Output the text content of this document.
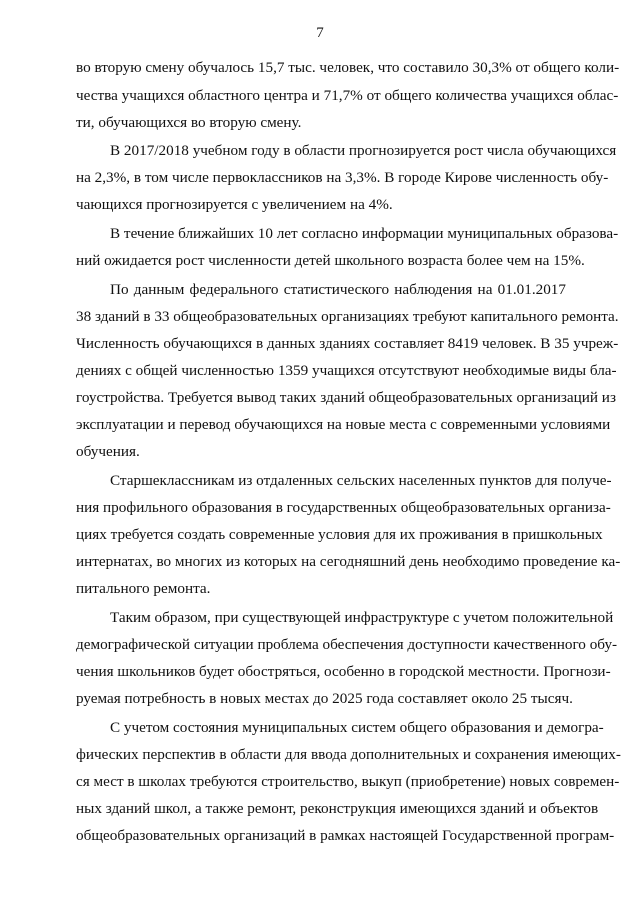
7
во вторую смену обучалось 15,7 тыс. человек, что составило 30,3% от общего коли-
чества учащихся областного центра и 71,7% от общего количества учащихся облас-
ти, обучающихся во вторую смену.
В 2017/2018 учебном году в области прогнозируется рост числа обучающихся
на 2,3%, в том числе первоклассников на 3,3%. В городе Кирове численность обу-
чающихся прогнозируется с увеличением на 4%.
В течение ближайших 10 лет согласно информации муниципальных образова-
ний ожидается рост численности детей школьного возраста более чем на 15%.
По данным федерального статистического наблюдения на 01.01.2017
38 зданий в 33 общеобразовательных организациях требуют капитального ремонта.
Численность обучающихся в данных зданиях составляет 8419 человек. В 35 учреж-
дениях с общей численностью 1359 учащихся отсутствуют необходимые виды бла-
гоустройства. Требуется вывод таких зданий общеобразовательных организаций из
эксплуатации и перевод обучающихся на новые места с современными условиями
обучения.
Старшеклассникам из отдаленных сельских населенных пунктов для получе-
ния профильного образования в государственных общеобразовательных организа-
циях требуется создать современные условия для их проживания в пришкольных
интернатах, во многих из которых на сегодняшний день необходимо проведение ка-
питального ремонта.
Таким образом, при существующей инфраструктуре с учетом положительной
демографической ситуации проблема обеспечения доступности качественного обу-
чения школьников будет обостряться, особенно в городской местности. Прогнози-
руемая потребность в новых местах до 2025 года составляет около 25 тысяч.
С учетом состояния муниципальных систем общего образования и демогра-
фических перспектив в области для ввода дополнительных и сохранения имеющих-
ся мест в школах требуются строительство, выкуп (приобретение) новых современ-
ных зданий школ, а также ремонт, реконструкция имеющихся зданий и объектов
общеобразовательных организаций в рамках настоящей Государственной програм-
